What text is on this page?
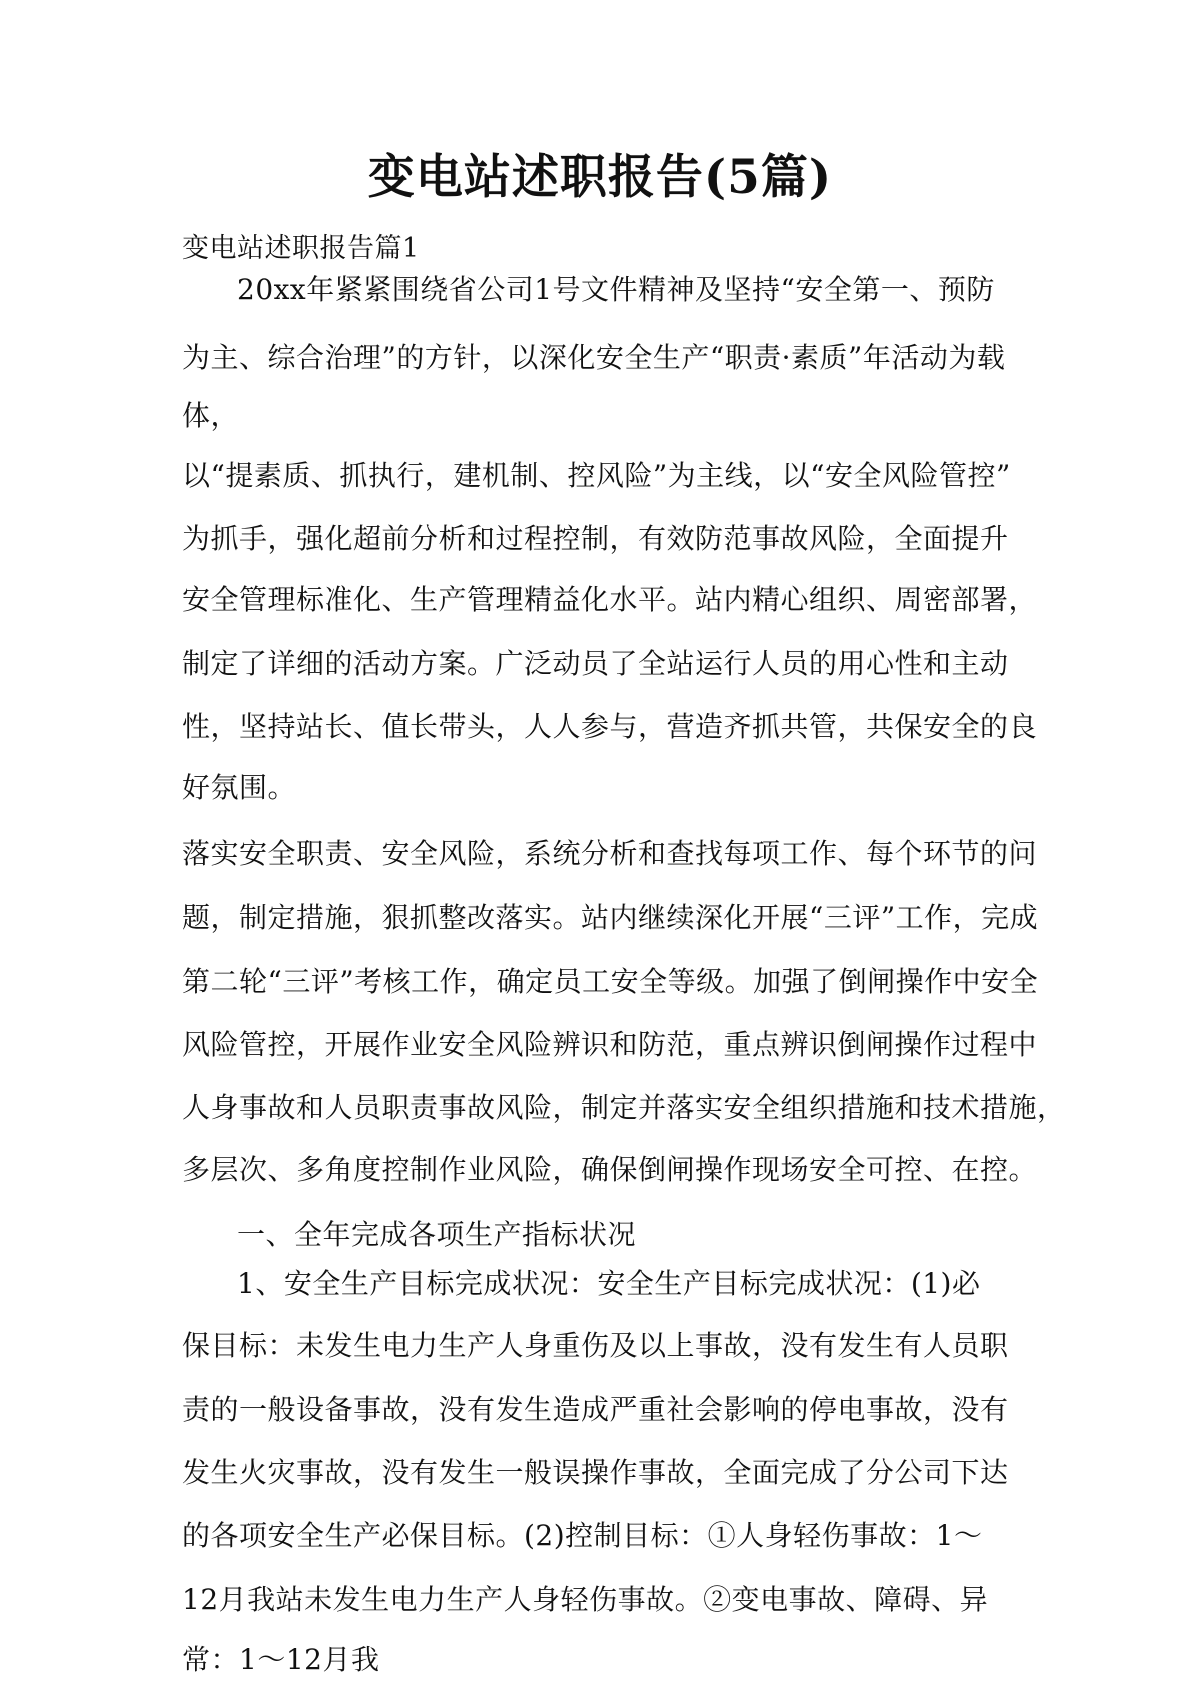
变电站述职报告(5篇)
变电站述职报告篇1
20xx年紧紧围绕省公司1号文件精神及坚持“安全第一、预防
为主、综合治理”的方针，以深化安全生产“职责·素质”年活动为载
体，
以“提素质、抓执行，建机制、控风险”为主线，以“安全风险管控”
为抓手，强化超前分析和过程控制，有效防范事故风险，全面提升
安全管理标准化、生产管理精益化水平。站内精心组织、周密部署，
制定了详细的活动方案。广泛动员了全站运行人员的用心性和主动
性，坚持站长、值长带头，人人参与，营造齐抓共管，共保安全的良
好氛围。
落实安全职责、安全风险，系统分析和查找每项工作、每个环节的问
题，制定措施，狠抓整改落实。站内继续深化开展“三评”工作，完成
第二轮“三评”考核工作，确定员工安全等级。加强了倒闸操作中安全
风险管控，开展作业安全风险辨识和防范，重点辨识倒闸操作过程中
人身事故和人员职责事故风险，制定并落实安全组织措施和技术措施，
多层次、多角度控制作业风险，确保倒闸操作现场安全可控、在控。
一、全年完成各项生产指标状况
1、安全生产目标完成状况：安全生产目标完成状况：(1)必
保目标：未发生电力生产人身重伤及以上事故，没有发生有人员职
责的一般设备事故，没有发生造成严重社会影响的停电事故，没有
发生火灾事故，没有发生一般误操作事故，全面完成了分公司下达
的各项安全生产必保目标。(2)控制目标：①人身轻伤事故：1～
12月我站未发生电力生产人身轻伤事故。②变电事故、障碍、异
常：1～12月我
